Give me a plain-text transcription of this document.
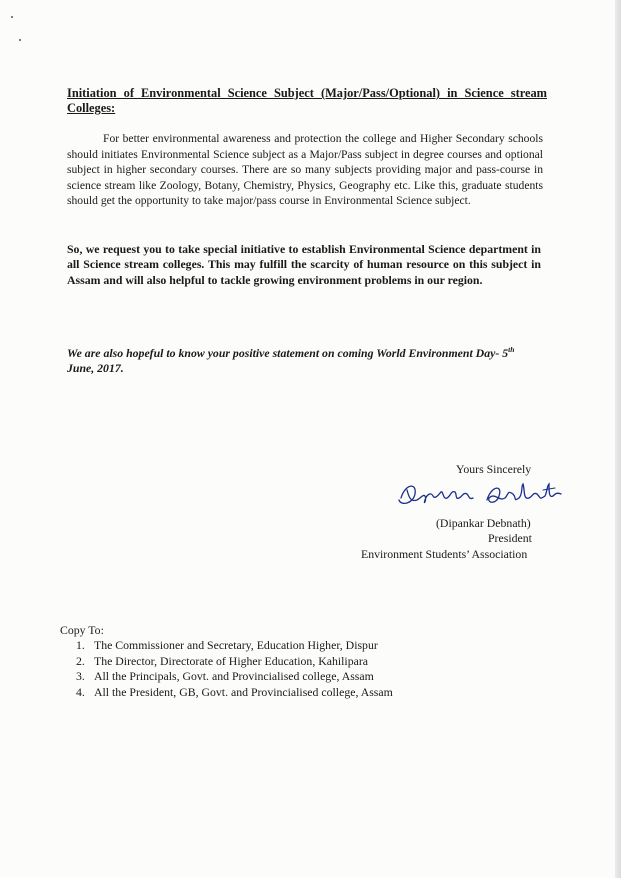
Initiation of Environmental Science Subject (Major/Pass/Optional) in Science stream Colleges:

For better environmental awareness and protection the college and Higher Secondary schools should initiates Environmental Science subject as a Major/Pass subject in degree courses and optional subject in higher secondary courses. There are so many subjects providing major and pass-course in science stream like Zoology, Botany, Chemistry, Physics, Geography etc. Like this, graduate students should get the opportunity to take major/pass course in Environmental Science subject.

So, we request you to take special initiative to establish Environmental Science department in all Science stream colleges. This may fulfill the scarcity of human resource on this subject in Assam and will also helpful to tackle growing environment problems in our region.

We are also hopeful to know your positive statement on coming World Environment Day- 5th June, 2017.

Yours Sincerely
(Dipankar Debnath)
President
Environment Students’ Association
Copy To:
1. The Commissioner and Secretary, Education Higher, Dispur
2. The Director, Directorate of Higher Education, Kahilipara
3. All the Principals, Govt. and Provincialised college, Assam
4. All the President, GB, Govt. and Provincialised college, Assam
